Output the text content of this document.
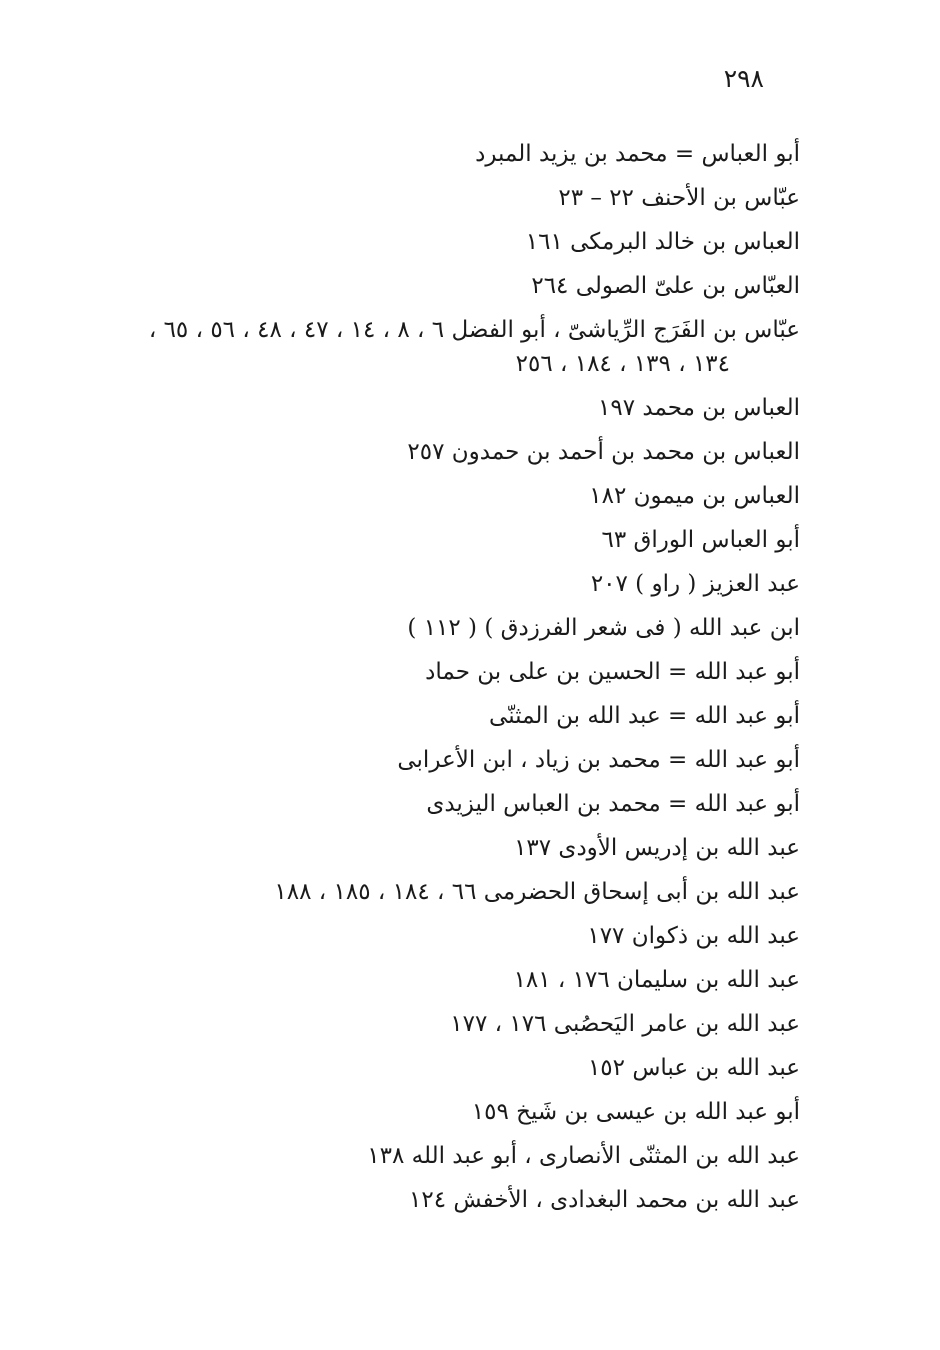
٢٩٨
أبو العباس = محمد بن يزيد المبرد
عبّاس بن الأحنف ٢٢ – ٢٣
العباس بن خالد البرمكى ١٦١
العبّاس بن علىّ الصولى ٢٦٤
عبّاس بن الفَرَج الرِّياشىّ ، أبو الفضل ٦ ، ٨ ، ١٤ ، ٤٧ ، ٤٨ ، ٥٦ ، ٦٥ ،
١٣٤ ، ١٣٩ ، ١٨٤ ، ٢٥٦
العباس بن محمد ١٩٧
العباس بن محمد بن أحمد بن حمدون ٢٥٧
العباس بن ميمون ١٨٢
أبو العباس الوراق ٦٣
عبد العزيز ( راو ) ٢٠٧
ابن عبد الله ( فى شعر الفرزدق ) ( ١١٢ )
أبو عبد الله = الحسين بن على بن حماد
أبو عبد الله = عبد الله بن المثنّى
أبو عبد الله = محمد بن زياد ، ابن الأعرابى
أبو عبد الله = محمد بن العباس اليزيدى
عبد الله بن إدريس الأودى ١٣٧
عبد الله بن أبى إسحاق الحضرمى ٦٦ ، ١٨٤ ، ١٨٥ ، ١٨٨
عبد الله بن ذكوان ١٧٧
عبد الله بن سليمان ١٧٦ ، ١٨١
عبد الله بن عامر اليَحصُبى ١٧٦ ، ١٧٧
عبد الله بن عباس ١٥٢
أبو عبد الله بن عيسى بن شَيخ ١٥٩
عبد الله بن المثنّى الأنصارى ، أبو عبد الله ١٣٨
عبد الله بن محمد البغدادى ، الأخفش ١٢٤
